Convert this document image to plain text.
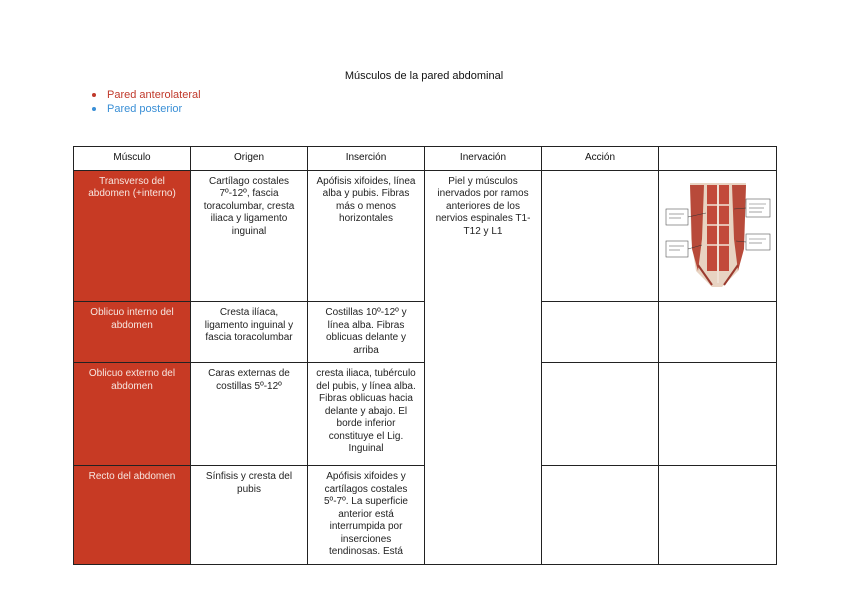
Músculos de la pared abdominal
Pared anterolateral
Pared posterior
Músculo	Origen	Inserción	Inervación	Acción	
Transverso del abdomen (+interno)	Cartílago costales 7º-12º, fascia toracolumbar, cresta iliaca y ligamento inguinal	Apófisis xifoides, línea alba y pubis. Fibras más o menos horizontales	Piel y músculos inervados por ramos anteriores de los nervios espinales T1-T12 y L1		
Oblicuo interno del abdomen	Cresta ilíaca, ligamento inguinal y fascia toracolumbar	Costillas 10º-12º y línea alba. Fibras oblicuas delante y arriba			
Oblicuo externo del abdomen	Caras externas de costillas 5º-12º	cresta iliaca, tubérculo del pubis, y línea alba. Fibras oblicuas hacia delante y abajo. El borde inferior constituye el Lig. Inguinal			
Recto del abdomen	Sínfisis y cresta del pubis	Apófisis xifoides y cartílagos costales 5º-7º. La superficie anterior está interrumpida por inserciones tendinosas. Está			
